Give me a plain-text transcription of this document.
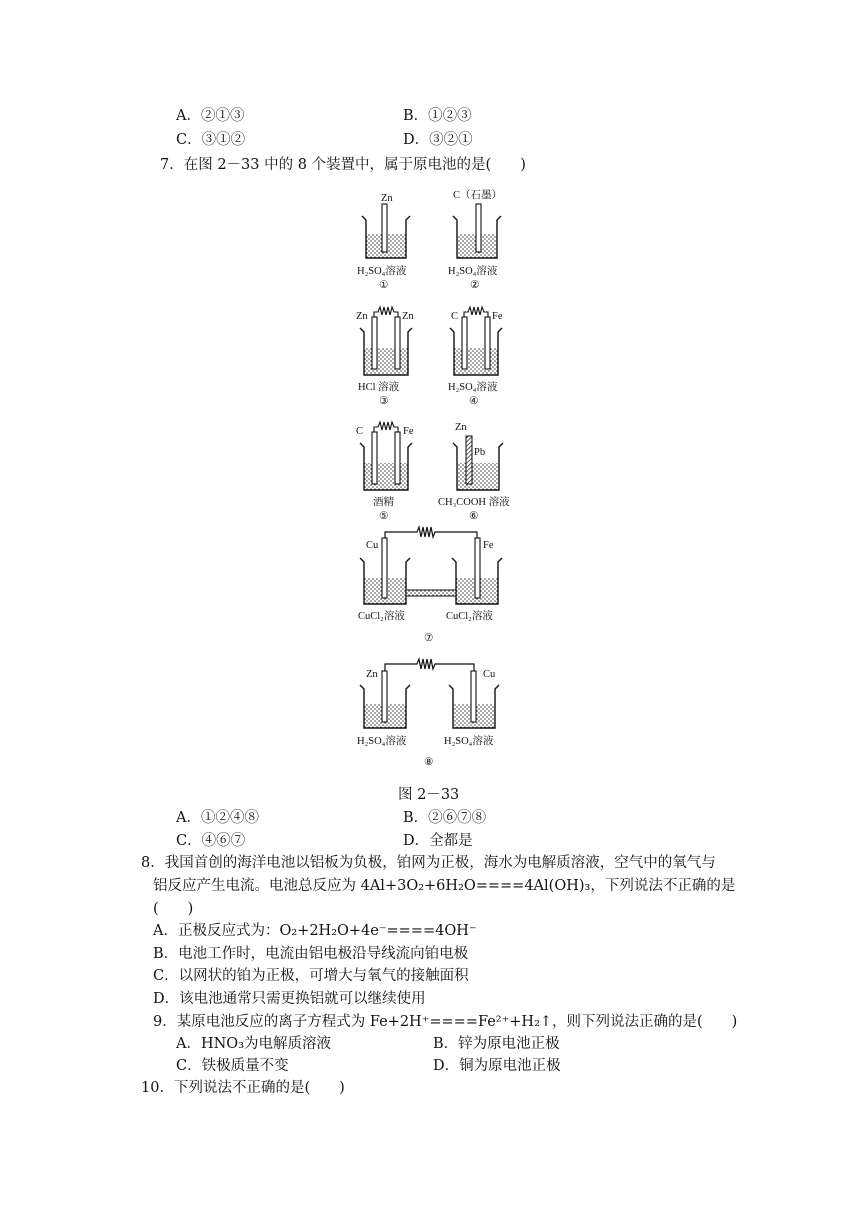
A．②①③	B．①②③
C．③①②	D．③②①
7．在图 2－33 中的 8 个装置中，属于原电池的是(　　)
Zn
H₂SO₄溶液
①
C（石墨）
H₂SO₄溶液
②
Zn	Zn
HCl 溶液
③
C	Fe
H₂SO₄溶液
④
C	Fe
酒精
⑤
Zn
Pb
CH₃COOH 溶液
⑥
Cu	Fe
CuCl₂溶液	CuCl₂溶液
⑦
Zn	Cu
H₂SO₄溶液	H₂SO₄溶液
⑧
图 2－33
A．①②④⑧	B．②⑥⑦⑧
C．④⑥⑦	D．全都是
8．我国首创的海洋电池以铝板为负极，铂网为正极，海水为电解质溶液，空气中的氧气与
铝反应产生电流。电池总反应为 4Al+3O₂+6H₂O====4Al(OH)₃，下列说法不正确的是
(　　)
A．正极反应式为：O₂+2H₂O+4e⁻====4OH⁻
B．电池工作时，电流由铝电极沿导线流向铂电极
C．以网状的铂为正极，可增大与氧气的接触面积
D．该电池通常只需更换铝就可以继续使用
9．某原电池反应的离子方程式为 Fe+2H⁺====Fe²⁺+H₂↑，则下列说法正确的是(　　)
A．HNO₃为电解质溶液	B．锌为原电池正极
C．铁极质量不变	D．铜为原电池正极
10．下列说法不正确的是(　　)
